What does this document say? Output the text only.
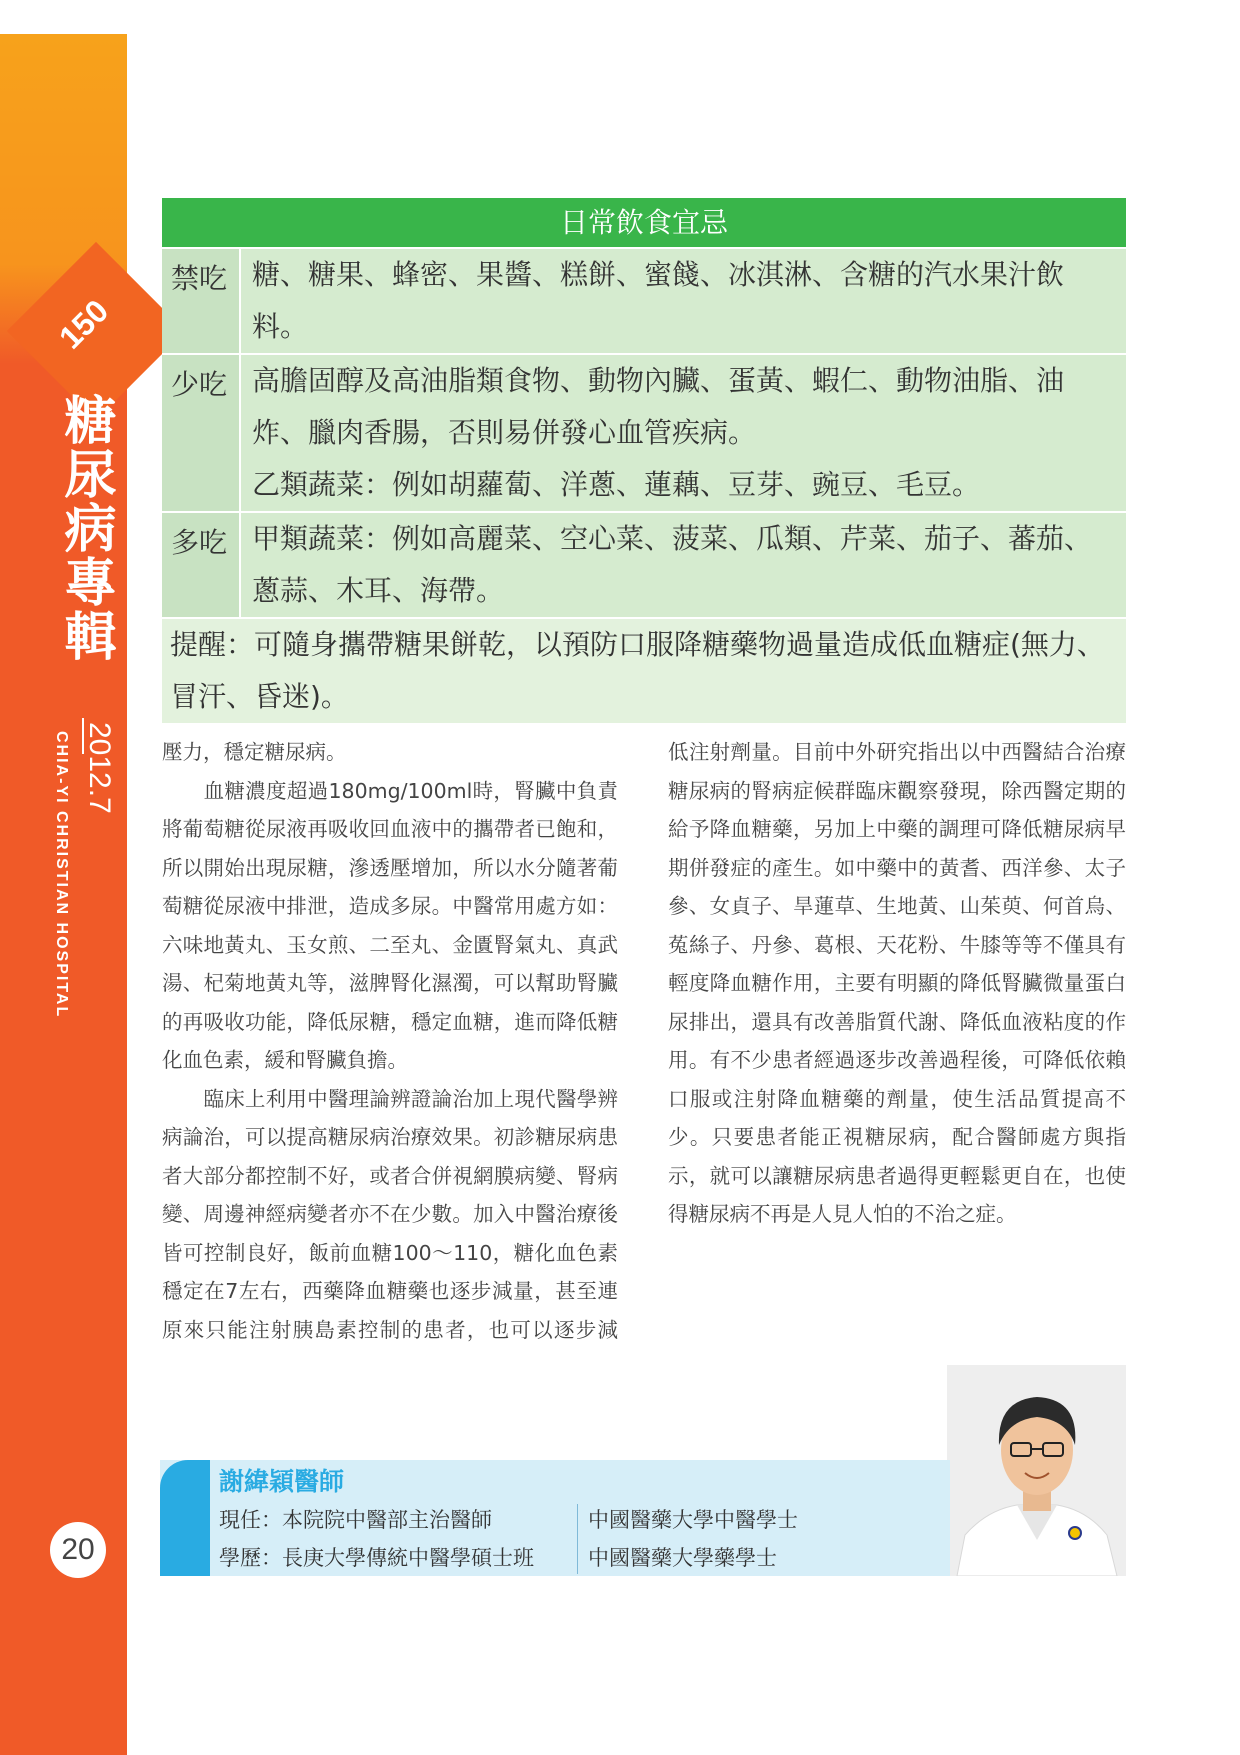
150
糖尿病專輯
2012.7
CHIA-YI CHRISTIAN HOSPITAL
20
日常飲食宜忌
禁吃 糖、糖果、蜂密、果醬、糕餅、蜜餞、冰淇淋、含糖的汽水果汁飲料。
少吃 高膽固醇及高油脂類食物、動物內臟、蛋黃、蝦仁、動物油脂、油炸、臘肉香腸，否則易併發心血管疾病。
乙類蔬菜：例如胡蘿蔔、洋蔥、蓮藕、豆芽、豌豆、毛豆。
多吃 甲類蔬菜：例如高麗菜、空心菜、菠菜、瓜類、芹菜、茄子、蕃茄、蔥蒜、木耳、海帶。
提醒：可隨身攜帶糖果餅乾，以預防口服降糖藥物過量造成低血糖症(無力、冒汗、昏迷)。

壓力，穩定糖尿病。

　　血糖濃度超過180mg/100ml時，腎臟中負責將葡萄糖從尿液再吸收回血液中的攜帶者已飽和，所以開始出現尿糖，滲透壓增加，所以水分隨著葡萄糖從尿液中排泄，造成多尿。中醫常用處方如：六味地黃丸、玉女煎、二至丸、金匱腎氣丸、真武湯、杞菊地黃丸等，滋脾腎化濕濁，可以幫助腎臟的再吸收功能，降低尿糖，穩定血糖，進而降低糖化血色素，緩和腎臟負擔。

　　臨床上利用中醫理論辨證論治加上現代醫學辨病論治，可以提高糖尿病治療效果。初診糖尿病患者大部分都控制不好，或者合併視網膜病變、腎病變、周邊神經病變者亦不在少數。加入中醫治療後皆可控制良好，飯前血糖100～110，糖化血色素穩定在7左右，西藥降血糖藥也逐步減量，甚至連原來只能注射胰島素控制的患者，也可以逐步減

低注射劑量。目前中外研究指出以中西醫結合治療糖尿病的腎病症候群臨床觀察發現，除西醫定期的給予降血糖藥，另加上中藥的調理可降低糖尿病早期併發症的產生。如中藥中的黃耆、西洋參、太子參、女貞子、旱蓮草、生地黃、山茱萸、何首烏、菟絲子、丹參、葛根、天花粉、牛膝等等不僅具有輕度降血糖作用，主要有明顯的降低腎臟微量蛋白尿排出，還具有改善脂質代謝、降低血液粘度的作用。有不少患者經過逐步改善過程後，可降低依賴口服或注射降血糖藥的劑量，使生活品質提高不少。只要患者能正視糖尿病，配合醫師處方與指示，就可以讓糖尿病患者過得更輕鬆更自在，也使得糖尿病不再是人見人怕的不治之症。

謝緯穎醫師
現任：本院院中醫部主治醫師
學歷：長庚大學傳統中醫學碩士班
中國醫藥大學中醫學士
中國醫藥大學藥學士
